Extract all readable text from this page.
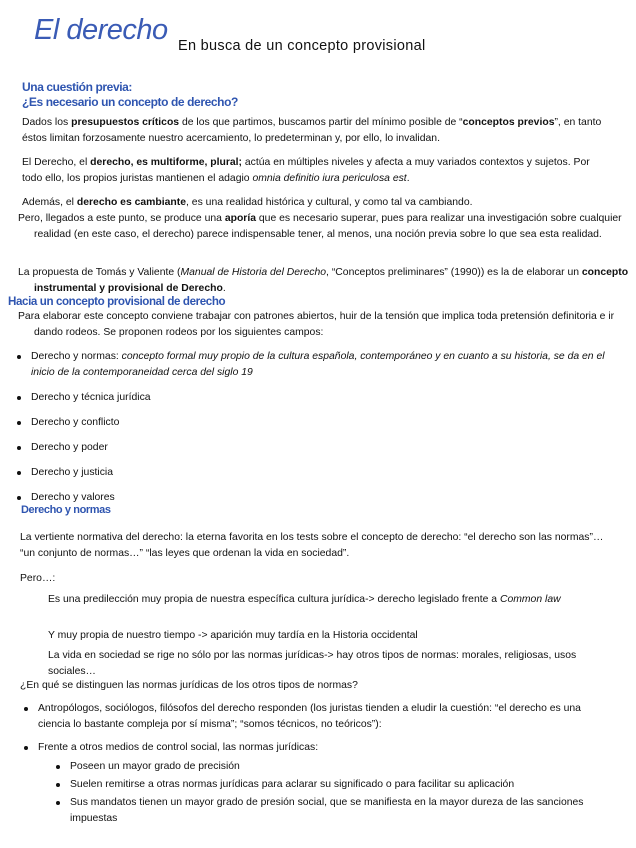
El derecho En busca de un concepto provisional
Una cuestión previa:
¿Es necesario un concepto de derecho?
Dados los presupuestos críticos de los que partimos, buscamos partir del mínimo posible de “conceptos previos”, en tanto éstos limitan forzosamente nuestro acercamiento, lo predeterminan y, por ello, lo invalidan.
El Derecho, el derecho, es multiforme, plural; actúa en múltiples niveles y afecta a muy variados contextos y sujetos. Por todo ello, los propios juristas mantienen el adagio omnia definitio iura periculosa est.
Además, el derecho es cambiante, es una realidad histórica y cultural, y como tal va cambiando.
Pero, llegados a este punto, se produce una aporía que es necesario superar, pues para realizar una investigación sobre cualquier realidad (en este caso, el derecho) parece indispensable tener, al menos, una noción previa sobre lo que sea esta realidad.
La propuesta de Tomás y Valiente (Manual de Historia del Derecho, “Conceptos preliminares” (1990)) es la de elaborar un concepto instrumental y provisional de Derecho.
Hacia un concepto provisional de derecho
Para elaborar este concepto conviene trabajar con patrones abiertos, huir de la tensión que implica toda pretensión definitoria e ir dando rodeos. Se proponen rodeos por los siguientes campos:
Derecho y normas: concepto formal muy propio de la cultura española, contemporáneo y en cuanto a su historia, se da en el inicio de la contemporaneidad cerca del siglo 19
Derecho y técnica jurídica
Derecho y conflicto
Derecho y poder
Derecho y justicia
Derecho y valores
Derecho y normas
La vertiente normativa del derecho: la eterna favorita en los tests sobre el concepto de derecho: “el derecho son las normas”… “un conjunto de normas…” “las leyes que ordenan la vida en sociedad”.
Pero…:
Es una predilección muy propia de nuestra específica cultura jurídica-> derecho legislado frente a Common law
Y muy propia de nuestro tiempo -> aparición muy tardía en la Historia occidental
La vida en sociedad se rige no sólo por las normas jurídicas-> hay otros tipos de normas: morales, religiosas, usos sociales…
¿En qué se distinguen las normas jurídicas de los otros tipos de normas?
Antropólogos, sociólogos, filósofos del derecho responden (los juristas tienden a eludir la cuestión: “el derecho es una ciencia lo bastante compleja por sí misma”; “somos técnicos, no teóricos”):
Frente a otros medios de control social, las normas jurídicas:
Poseen un mayor grado de precisión
Suelen remitirse a otras normas jurídicas para aclarar su significado o para facilitar su aplicación
Sus mandatos tienen un mayor grado de presión social, que se manifiesta en la mayor dureza de las sanciones impuestas
